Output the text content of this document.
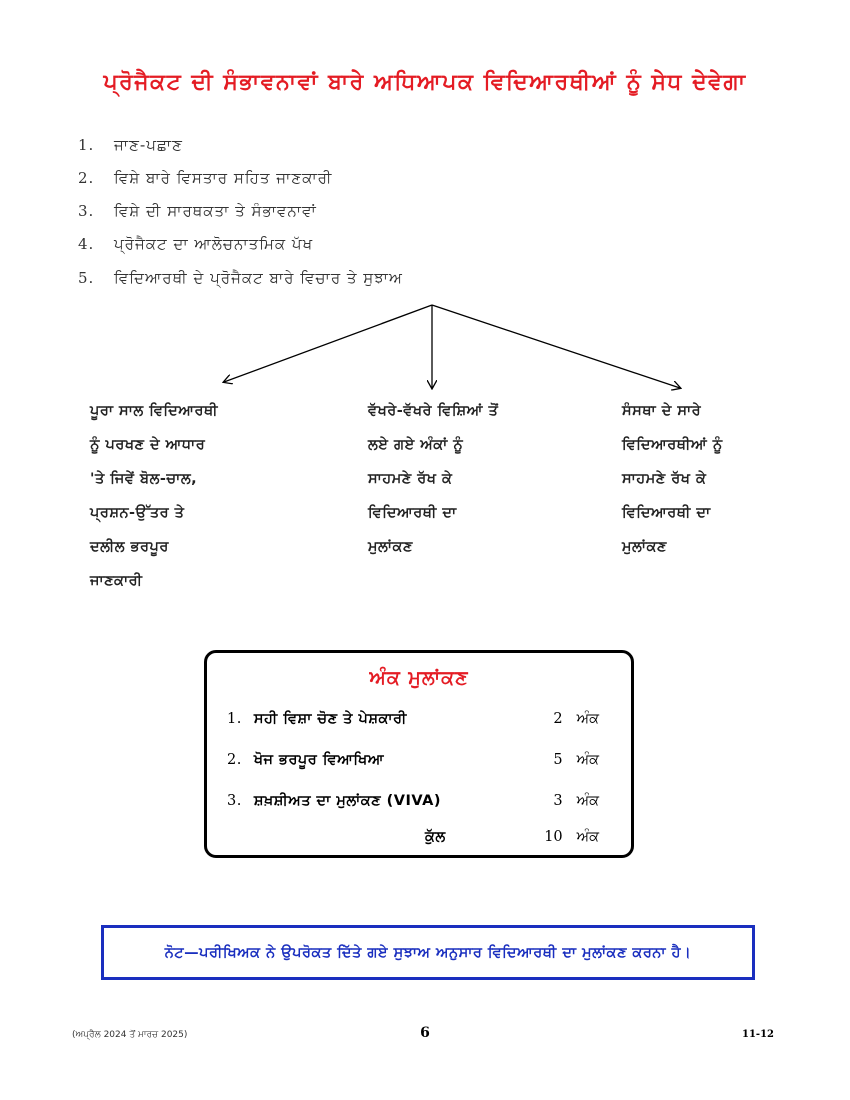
ਪ੍ਰੋਜੈਕਟ ਦੀ ਸੰਭਾਵਨਾਵਾਂ ਬਾਰੇ ਅਧਿਆਪਕ ਵਿਦਿਆਰਥੀਆਂ ਨੂੰ ਸੇਧ ਦੇਵੇਗਾ
1. ਜਾਣ-ਪਛਾਣ
2. ਵਿਸ਼ੇ ਬਾਰੇ ਵਿਸਤਾਰ ਸਹਿਤ ਜਾਣਕਾਰੀ
3. ਵਿਸ਼ੇ ਦੀ ਸਾਰਥਕਤਾ ਤੇ ਸੰਭਾਵਨਾਵਾਂ
4. ਪ੍ਰੋਜੈਕਟ ਦਾ ਆਲੋਚਨਾਤਮਿਕ ਪੱਖ
5. ਵਿਦਿਆਰਥੀ ਦੇ ਪ੍ਰੋਜੈਕਟ ਬਾਰੇ ਵਿਚਾਰ ਤੇ ਸੁਝਾਅ
ਪੂਰਾ ਸਾਲ ਵਿਦਿਆਰਥੀ
ਨੂੰ ਪਰਖਣ ਦੇ ਆਧਾਰ
'ਤੇ ਜਿਵੇਂ ਬੋਲ-ਚਾਲ,
ਪ੍ਰਸ਼ਨ-ਉੱਤਰ ਤੇ
ਦਲੀਲ ਭਰਪੂਰ
ਜਾਣਕਾਰੀ
ਵੱਖਰੇ-ਵੱਖਰੇ ਵਿਸ਼ਿਆਂ ਤੋਂ
ਲਏ ਗਏ ਅੰਕਾਂ ਨੂੰ
ਸਾਹਮਣੇ ਰੱਖ ਕੇ
ਵਿਦਿਆਰਥੀ ਦਾ
ਮੁਲਾਂਕਣ
ਸੰਸਥਾ ਦੇ ਸਾਰੇ
ਵਿਦਿਆਰਥੀਆਂ ਨੂੰ
ਸਾਹਮਣੇ ਰੱਖ ਕੇ
ਵਿਦਿਆਰਥੀ ਦਾ
ਮੁਲਾਂਕਣ
ਅੰਕ ਮੁਲਾਂਕਣ
1. ਸਹੀ ਵਿਸ਼ਾ ਚੋਣ ਤੇ ਪੇਸ਼ਕਾਰੀ	2 ਅੰਕ
2. ਖੋਜ ਭਰਪੂਰ ਵਿਆਖਿਆ	5 ਅੰਕ
3. ਸ਼ਖ਼ਸ਼ੀਅਤ ਦਾ ਮੁਲਾਂਕਣ (VIVA)	3 ਅੰਕ
ਕੁੱਲ	10 ਅੰਕ
ਨੋਟ—ਪਰੀਖਿਅਕ ਨੇ ਉਪਰੋਕਤ ਦਿੱਤੇ ਗਏ ਸੁਝਾਅ ਅਨੁਸਾਰ ਵਿਦਿਆਰਥੀ ਦਾ ਮੁਲਾਂਕਣ ਕਰਨਾ ਹੈ।
(ਅਪ੍ਰੈਲ 2024 ਤੋਂ ਮਾਰਚ 2025)	6	11-12
